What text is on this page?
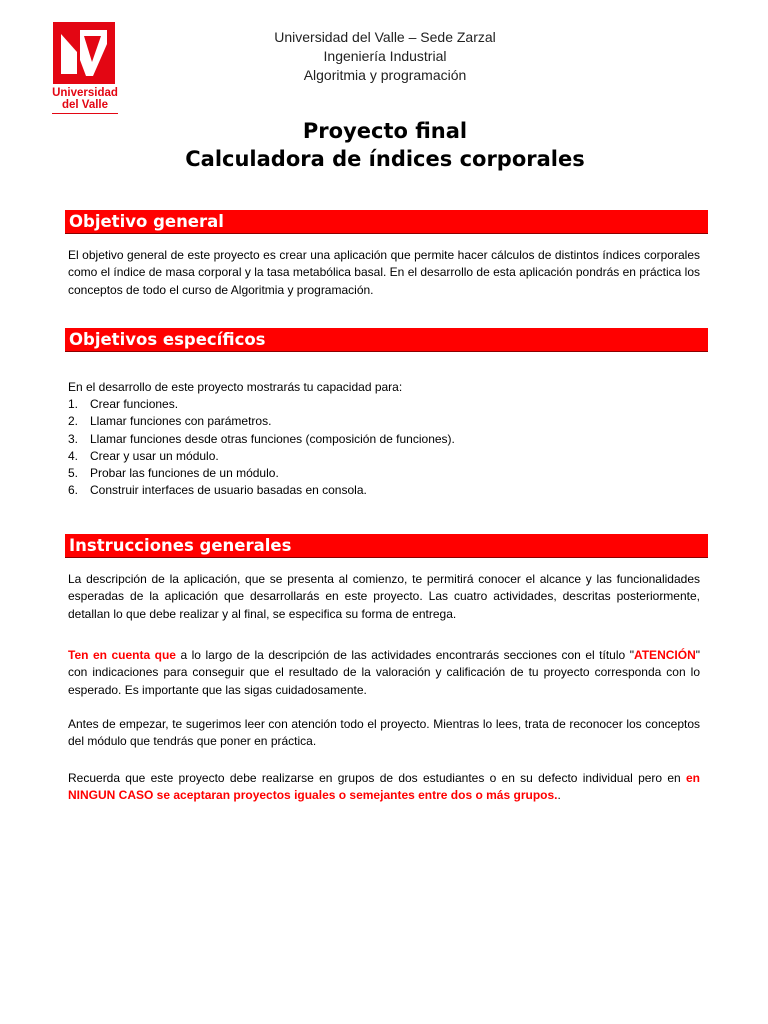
Universidad
del Valle
Universidad del Valle – Sede Zarzal
Ingeniería Industrial
Algoritmia y programación
Proyecto final
Calculadora de índices corporales
Objetivo general
El objetivo general de este proyecto es crear una aplicación que permite hacer cálculos de distintos índices corporales como el índice de masa corporal y la tasa metabólica basal. En el desarrollo de esta aplicación pondrás en práctica los conceptos de todo el curso de Algoritmia y programación.
Objetivos específicos
En el desarrollo de este proyecto mostrarás tu capacidad para:
1. Crear funciones.
2. Llamar funciones con parámetros.
3. Llamar funciones desde otras funciones (composición de funciones).
4. Crear y usar un módulo.
5. Probar las funciones de un módulo.
6. Construir interfaces de usuario basadas en consola.
Instrucciones generales
La descripción de la aplicación, que se presenta al comienzo, te permitirá conocer el alcance y las funcionalidades esperadas de la aplicación que desarrollarás en este proyecto. Las cuatro actividades, descritas posteriormente, detallan lo que debe realizar y al final, se especifica su forma de entrega.
Ten en cuenta que a lo largo de la descripción de las actividades encontrarás secciones con el título "ATENCIÓN" con indicaciones para conseguir que el resultado de la valoración y calificación de tu proyecto corresponda con lo esperado. Es importante que las sigas cuidadosamente.
Antes de empezar, te sugerimos leer con atención todo el proyecto. Mientras lo lees, trata de reconocer los conceptos del módulo que tendrás que poner en práctica.
Recuerda que este proyecto debe realizarse en grupos de dos estudiantes o en su defecto individual pero en en NINGUN CASO se aceptaran proyectos iguales o semejantes entre dos o más grupos..
